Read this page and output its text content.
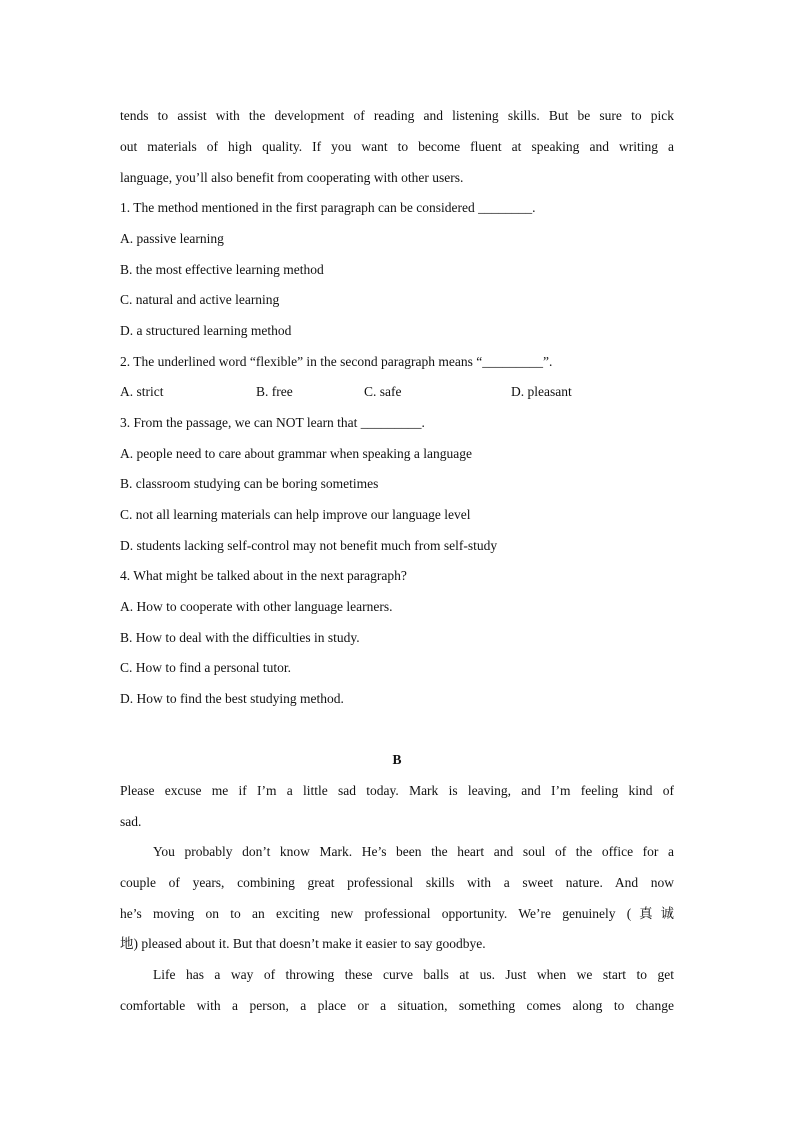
tends to assist with the development of reading and listening skills. But be sure to pick
out materials of high quality. If you want to become fluent at speaking and writing a
language, you’ll also benefit from cooperating with other users.
1. The method mentioned in the first paragraph can be considered ________.
A. passive learning
B. the most effective learning method
C. natural and active learning
D. a structured learning method
2. The underlined word “flexible” in the second paragraph means “_________”.
A. strict	B. free	C. safe	D. pleasant
3. From the passage, we can NOT learn that _________.
A. people need to care about grammar when speaking a language
B. classroom studying can be boring sometimes
C. not all learning materials can help improve our language level
D. students lacking self-control may not benefit much from self-study
4. What might be talked about in the next paragraph?
A. How to cooperate with other language learners.
B. How to deal with the difficulties in study.
C. How to find a personal tutor.
D. How to find the best studying method.
B
Please excuse me if I’m a little sad today. Mark is leaving, and I’m feeling kind of
sad.
You probably don’t know Mark. He’s been the heart and soul of the office for a
couple of years, combining great professional skills with a sweet nature. And now
he’s moving on to an exciting new professional opportunity. We’re genuinely (真诚
地) pleased about it. But that doesn’t make it easier to say goodbye.
Life has a way of throwing these curve balls at us. Just when we start to get
comfortable with a person, a place or a situation, something comes along to change
